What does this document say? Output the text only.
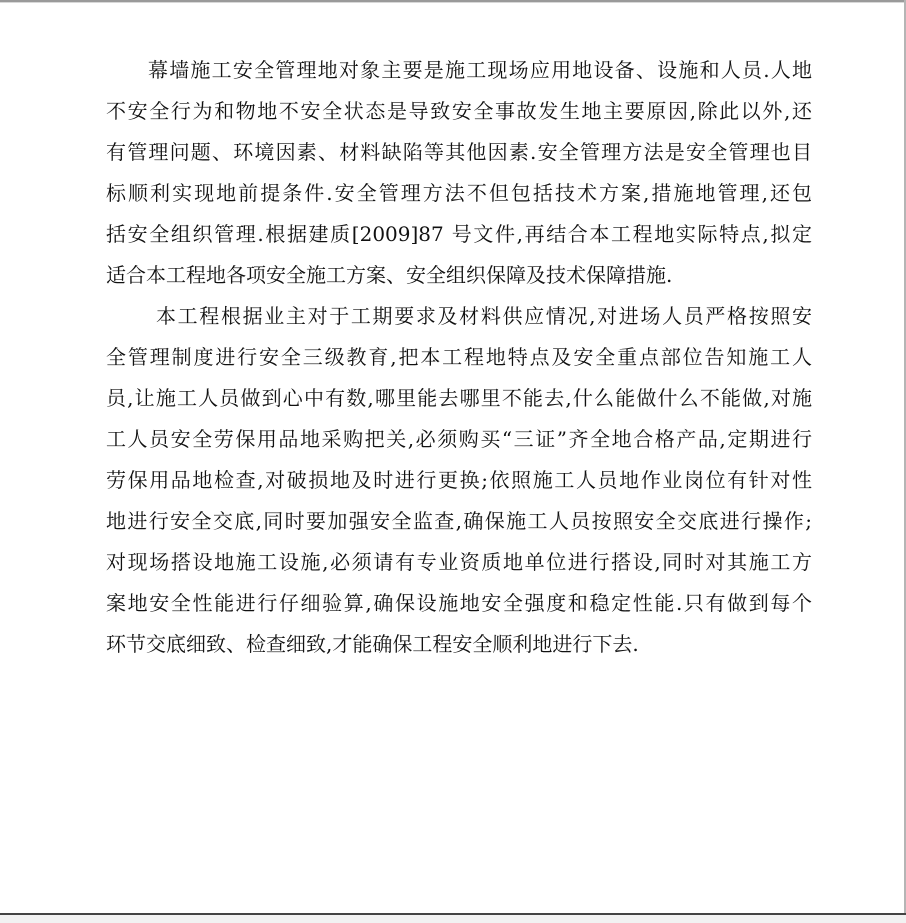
幕墙施工安全管理地对象主要是施工现场应用地设备、设施和人员.人地
不安全行为和物地不安全状态是导致安全事故发生地主要原因,除此以外,还
有管理问题、环境因素、材料缺陷等其他因素.安全管理方法是安全管理也目
标顺利实现地前提条件.安全管理方法不但包括技术方案,措施地管理,还包
括安全组织管理.根据建质[2009]87 号文件,再结合本工程地实际特点,拟定
适合本工程地各项安全施工方案、安全组织保障及技术保障措施.
本工程根据业主对于工期要求及材料供应情况,对进场人员严格按照安
全管理制度进行安全三级教育,把本工程地特点及安全重点部位告知施工人
员,让施工人员做到心中有数,哪里能去哪里不能去,什么能做什么不能做,对施
工人员安全劳保用品地采购把关,必须购买“三证”齐全地合格产品,定期进行
劳保用品地检查,对破损地及时进行更换;依照施工人员地作业岗位有针对性
地进行安全交底,同时要加强安全监查,确保施工人员按照安全交底进行操作;
对现场搭设地施工设施,必须请有专业资质地单位进行搭设,同时对其施工方
案地安全性能进行仔细验算,确保设施地安全强度和稳定性能.只有做到每个
环节交底细致、检查细致,才能确保工程安全顺利地进行下去.
